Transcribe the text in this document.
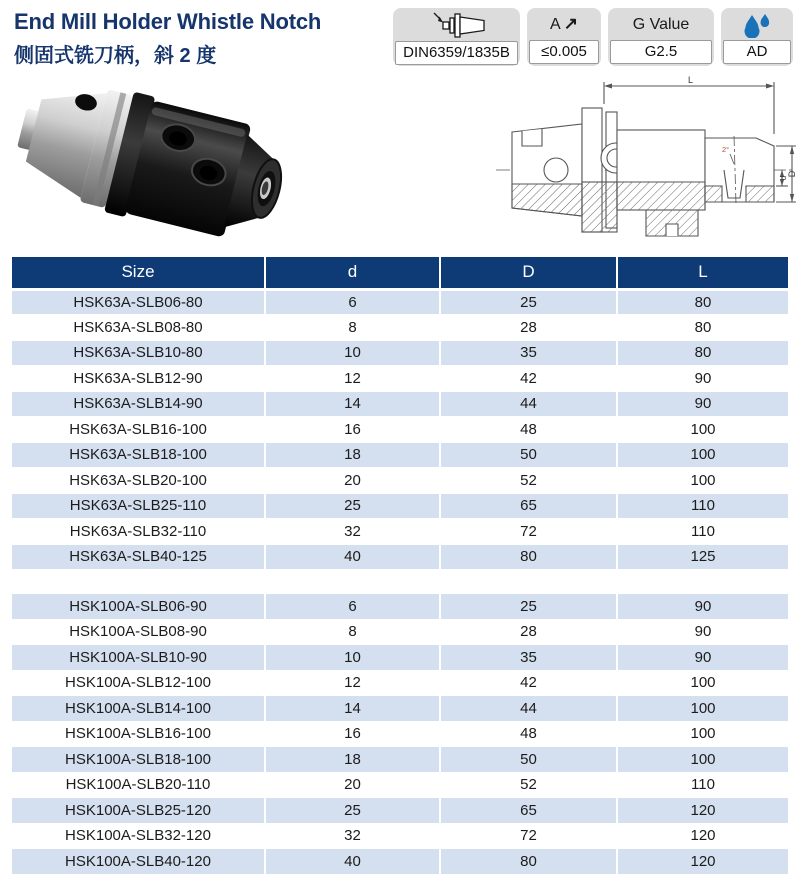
End Mill Holder Whistle Notch
侧固式铣刀柄，斜 2 度	DIN6359/1835B
A ↗
≤0.005
G Value
G2.5	AD
L
d
D
2°
Size	d	D	L
HSK63A-SLB06-80	6	25	80
HSK63A-SLB08-80	8	28	80
HSK63A-SLB10-80	10	35	80
HSK63A-SLB12-90	12	42	90
HSK63A-SLB14-90	14	44	90
HSK63A-SLB16-100	16	48	100
HSK63A-SLB18-100	18	50	100
HSK63A-SLB20-100	20	52	100
HSK63A-SLB25-110	25	65	110
HSK63A-SLB32-110	32	72	110
HSK63A-SLB40-125	40	80	125

HSK100A-SLB06-90	6	25	90
HSK100A-SLB08-90	8	28	90
HSK100A-SLB10-90	10	35	90
HSK100A-SLB12-100	12	42	100
HSK100A-SLB14-100	14	44	100
HSK100A-SLB16-100	16	48	100
HSK100A-SLB18-100	18	50	100
HSK100A-SLB20-110	20	52	110
HSK100A-SLB25-120	25	65	120
HSK100A-SLB32-120	32	72	120
HSK100A-SLB40-120	40	80	120
